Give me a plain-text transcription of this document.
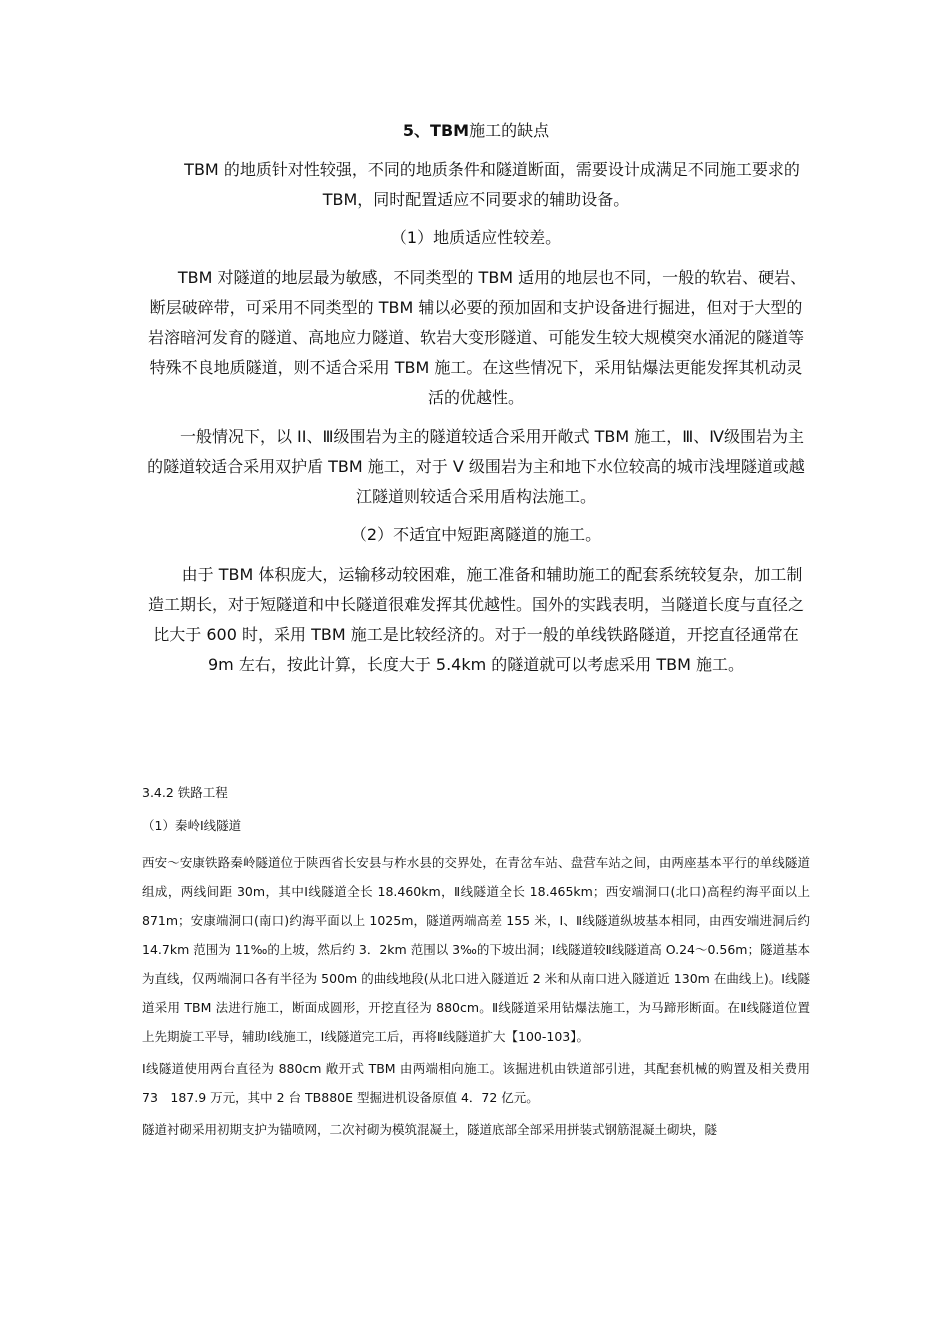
5、TBM施工的缺点

TBM 的地质针对性较强，不同的地质条件和隧道断面，需要设计成满足不同施工要求的 TBM，同时配置适应不同要求的辅助设备。

（1）地质适应性较差。

TBM 对隧道的地层最为敏感，不同类型的 TBM 适用的地层也不同，一般的软岩、硬岩、断层破碎带，可采用不同类型的 TBM 辅以必要的预加固和支护设备进行掘进，但对于大型的岩溶暗河发育的隧道、高地应力隧道、软岩大变形隧道、可能发生较大规模突水涌泥的隧道等特殊不良地质隧道，则不适合采用 TBM 施工。在这些情况下，采用钻爆法更能发挥其机动灵活的优越性。

一般情况下，以 II、Ⅲ级围岩为主的隧道较适合采用开敞式 TBM 施工，Ⅲ、Ⅳ级围岩为主的隧道较适合采用双护盾 TBM 施工，对于 V 级围岩为主和地下水位较高的城市浅埋隧道或越江隧道则较适合采用盾构法施工。

（2）不适宜中短距离隧道的施工。

由于 TBM 体积庞大，运输移动较困难，施工准备和辅助施工的配套系统较复杂，加工制造工期长，对于短隧道和中长隧道很难发挥其优越性。国外的实践表明，当隧道长度与直径之比大于 600 时，采用 TBM 施工是比较经济的。对于一般的单线铁路隧道，开挖直径通常在 9m 左右，按此计算，长度大于 5.4km 的隧道就可以考虑采用 TBM 施工。

3.4.2 铁路工程

（1）秦岭Ⅰ线隧道

西安～安康铁路秦岭隧道位于陕西省长安县与柞水县的交界处，在青岔车站、盘营车站之间，由两座基本平行的单线隧道组成，两线间距 30m，其中Ⅰ线隧道全长 18.460km，Ⅱ线隧道全长 18.465km；西安端洞口(北口)高程约海平面以上 871m；安康端洞口(南口)约海平面以上 1025m，隧道两端高差 155 米，Ⅰ、Ⅱ线隧道纵坡基本相同，由西安端进洞后约　14.7km 范围为 11‰的上坡，然后约 3．2km 范围以 3‰的下坡出洞；Ⅰ线隧道较Ⅱ线隧道高 O.24～0.56m；隧道基本为直线，仅两端洞口各有半径为 500m 的曲线地段(从北口进入隧道近 2 米和从南口进入隧道近 130m 在曲线上)。Ⅰ线隧道采用 TBM 法进行施工，断面成圆形，开挖直径为 880cm。Ⅱ线隧道采用钻爆法施工，为马蹄形断面。在Ⅱ线隧道位置上先期旋工平导，辅助Ⅰ线施工，Ⅰ线隧道完工后，再将Ⅱ线隧道扩大【100-103】。

Ⅰ线隧道使用两台直径为 880cm 敞开式 TBM 由两端相向施工。该掘进机由铁道部引进，其配套机械的购置及相关费用 73　187.9 万元，其中 2 台 TB880E 型掘进机设备原值 4．72 亿元。

隧道衬砌采用初期支护为锚喷网，二次衬砌为模筑混凝土，隧道底部全部采用拼装式钢筋混凝土砌块，隧
